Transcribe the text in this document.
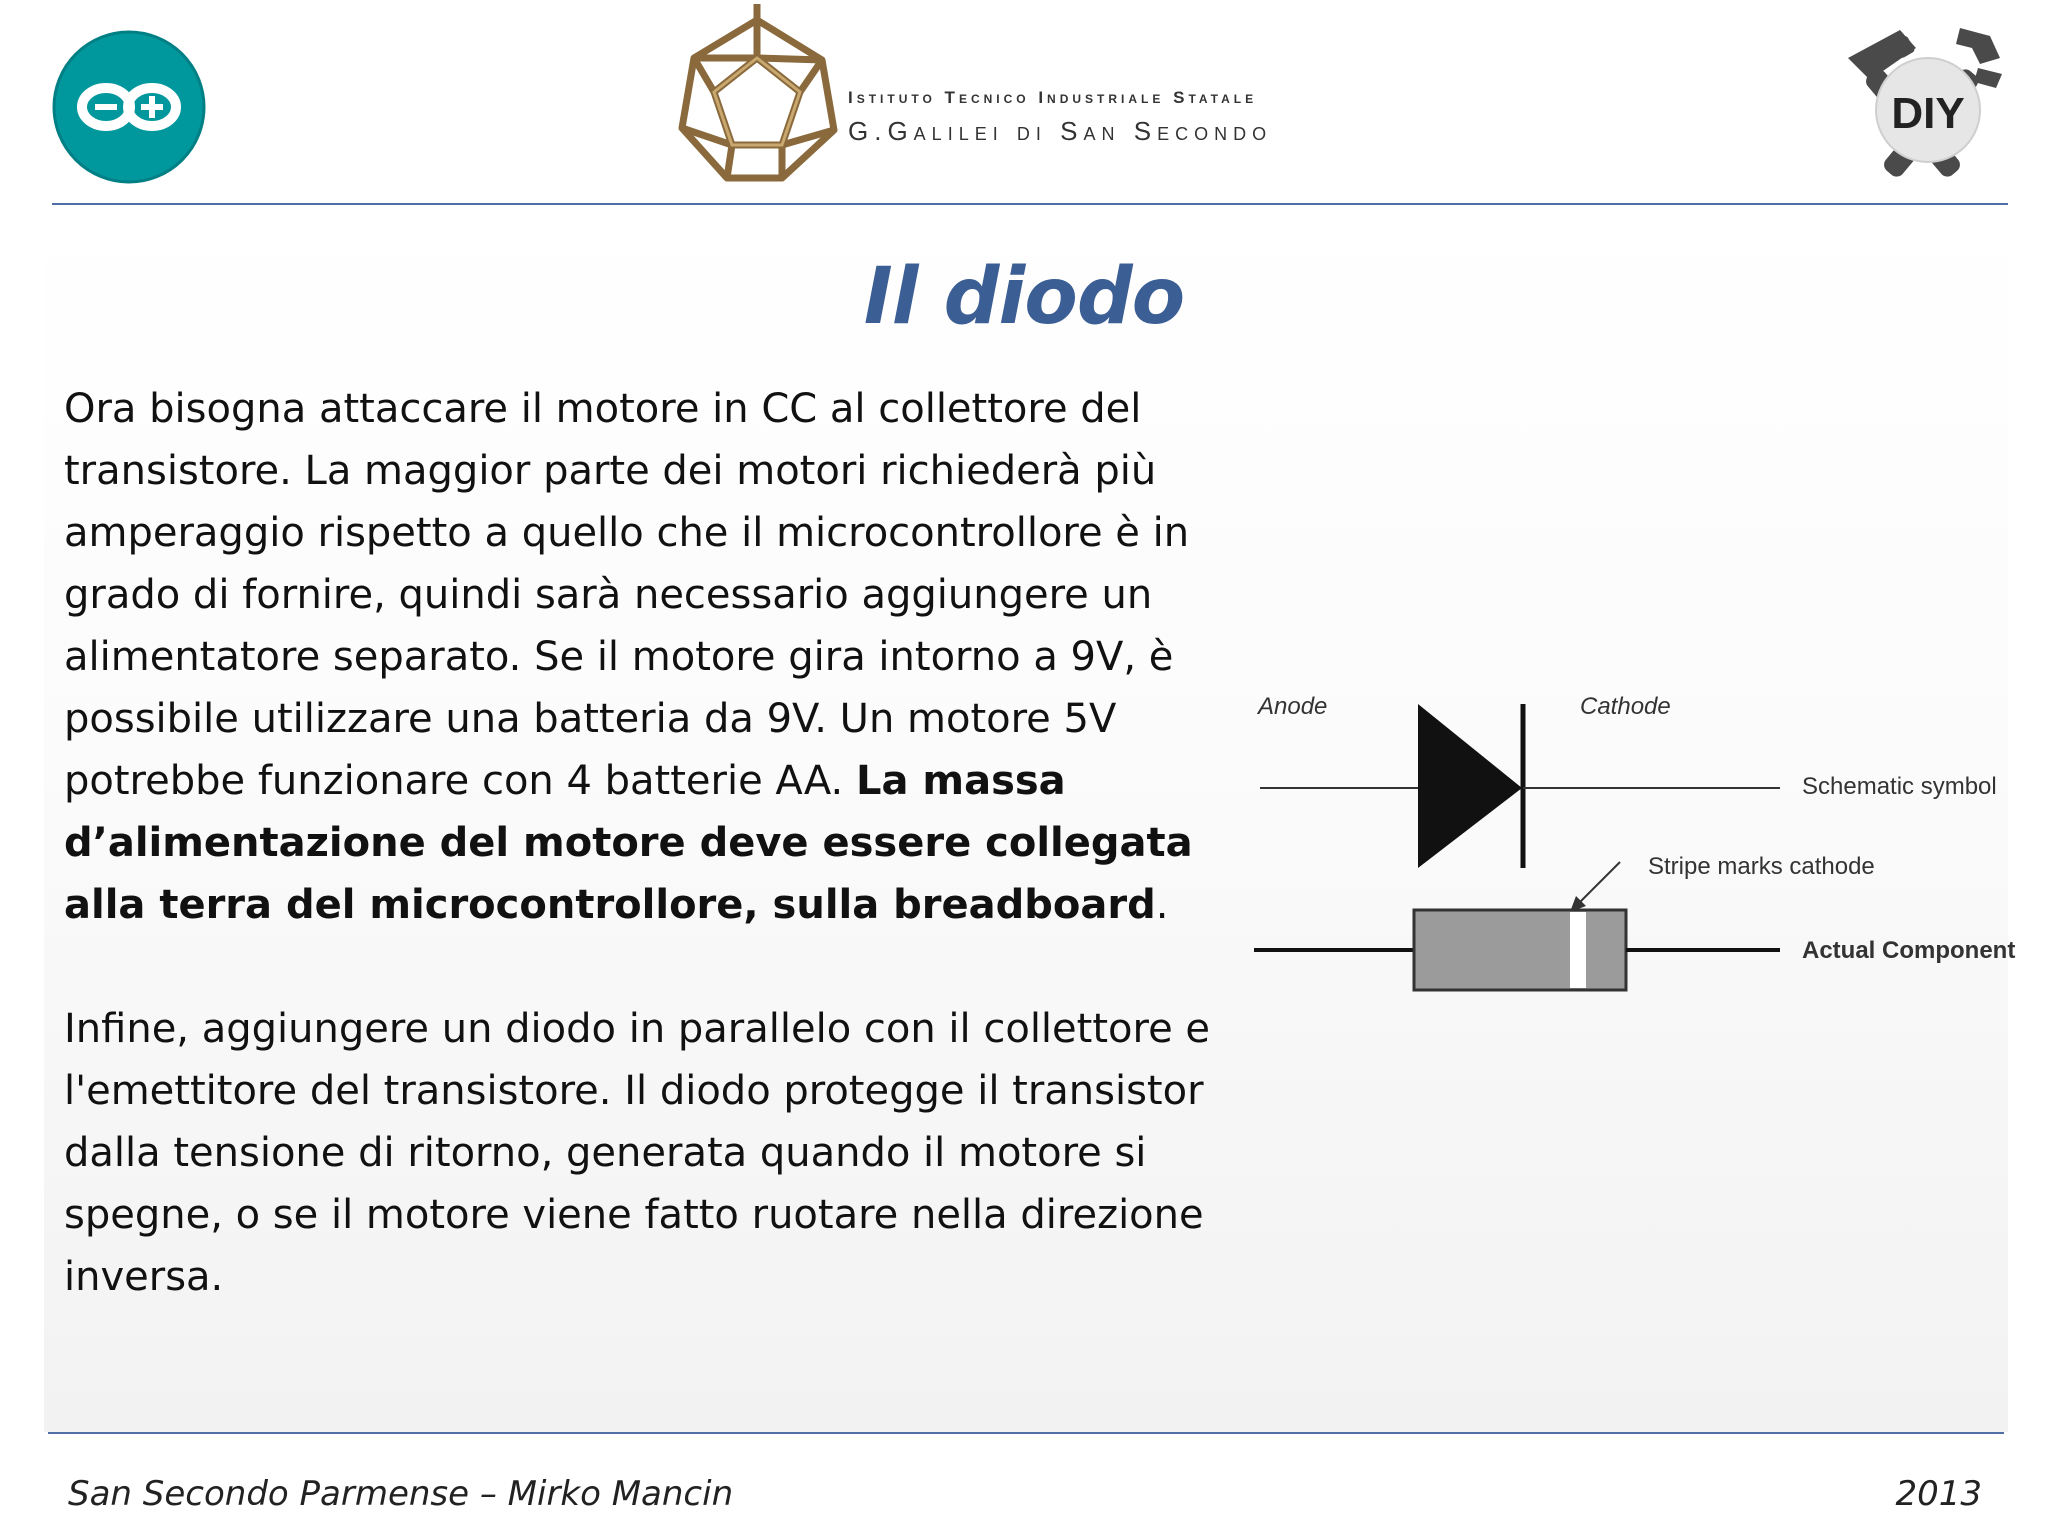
Istituto Tecnico Industriale Statale
G.Galilei di San Secondo	DIY
Il diodo

Ora bisogna attaccare il motore in CC al collettore del transistore. La maggior parte dei motori richiederà più amperaggio rispetto a quello che il microcontrollore è in grado di fornire, quindi sarà necessario aggiungere un alimentatore separato. Se il motore gira intorno a 9V, è possibile utilizzare una batteria da 9V. Un motore 5V potrebbe funzionare con 4 batterie AA. La massa d’alimentazione del motore deve essere collegata alla terra del microcontrollore, sulla breadboard.

Infine, aggiungere un diodo in parallelo con il collettore e l'emettitore del transistore. Il diodo protegge il transistor dalla tensione di ritorno, generata quando il motore si spegne, o se il motore viene fatto ruotare nella direzione inversa.

Anode	Cathode
Schematic symbol
Stripe marks cathode
Actual Component
San Secondo Parmense – Mirko Mancin	2013
